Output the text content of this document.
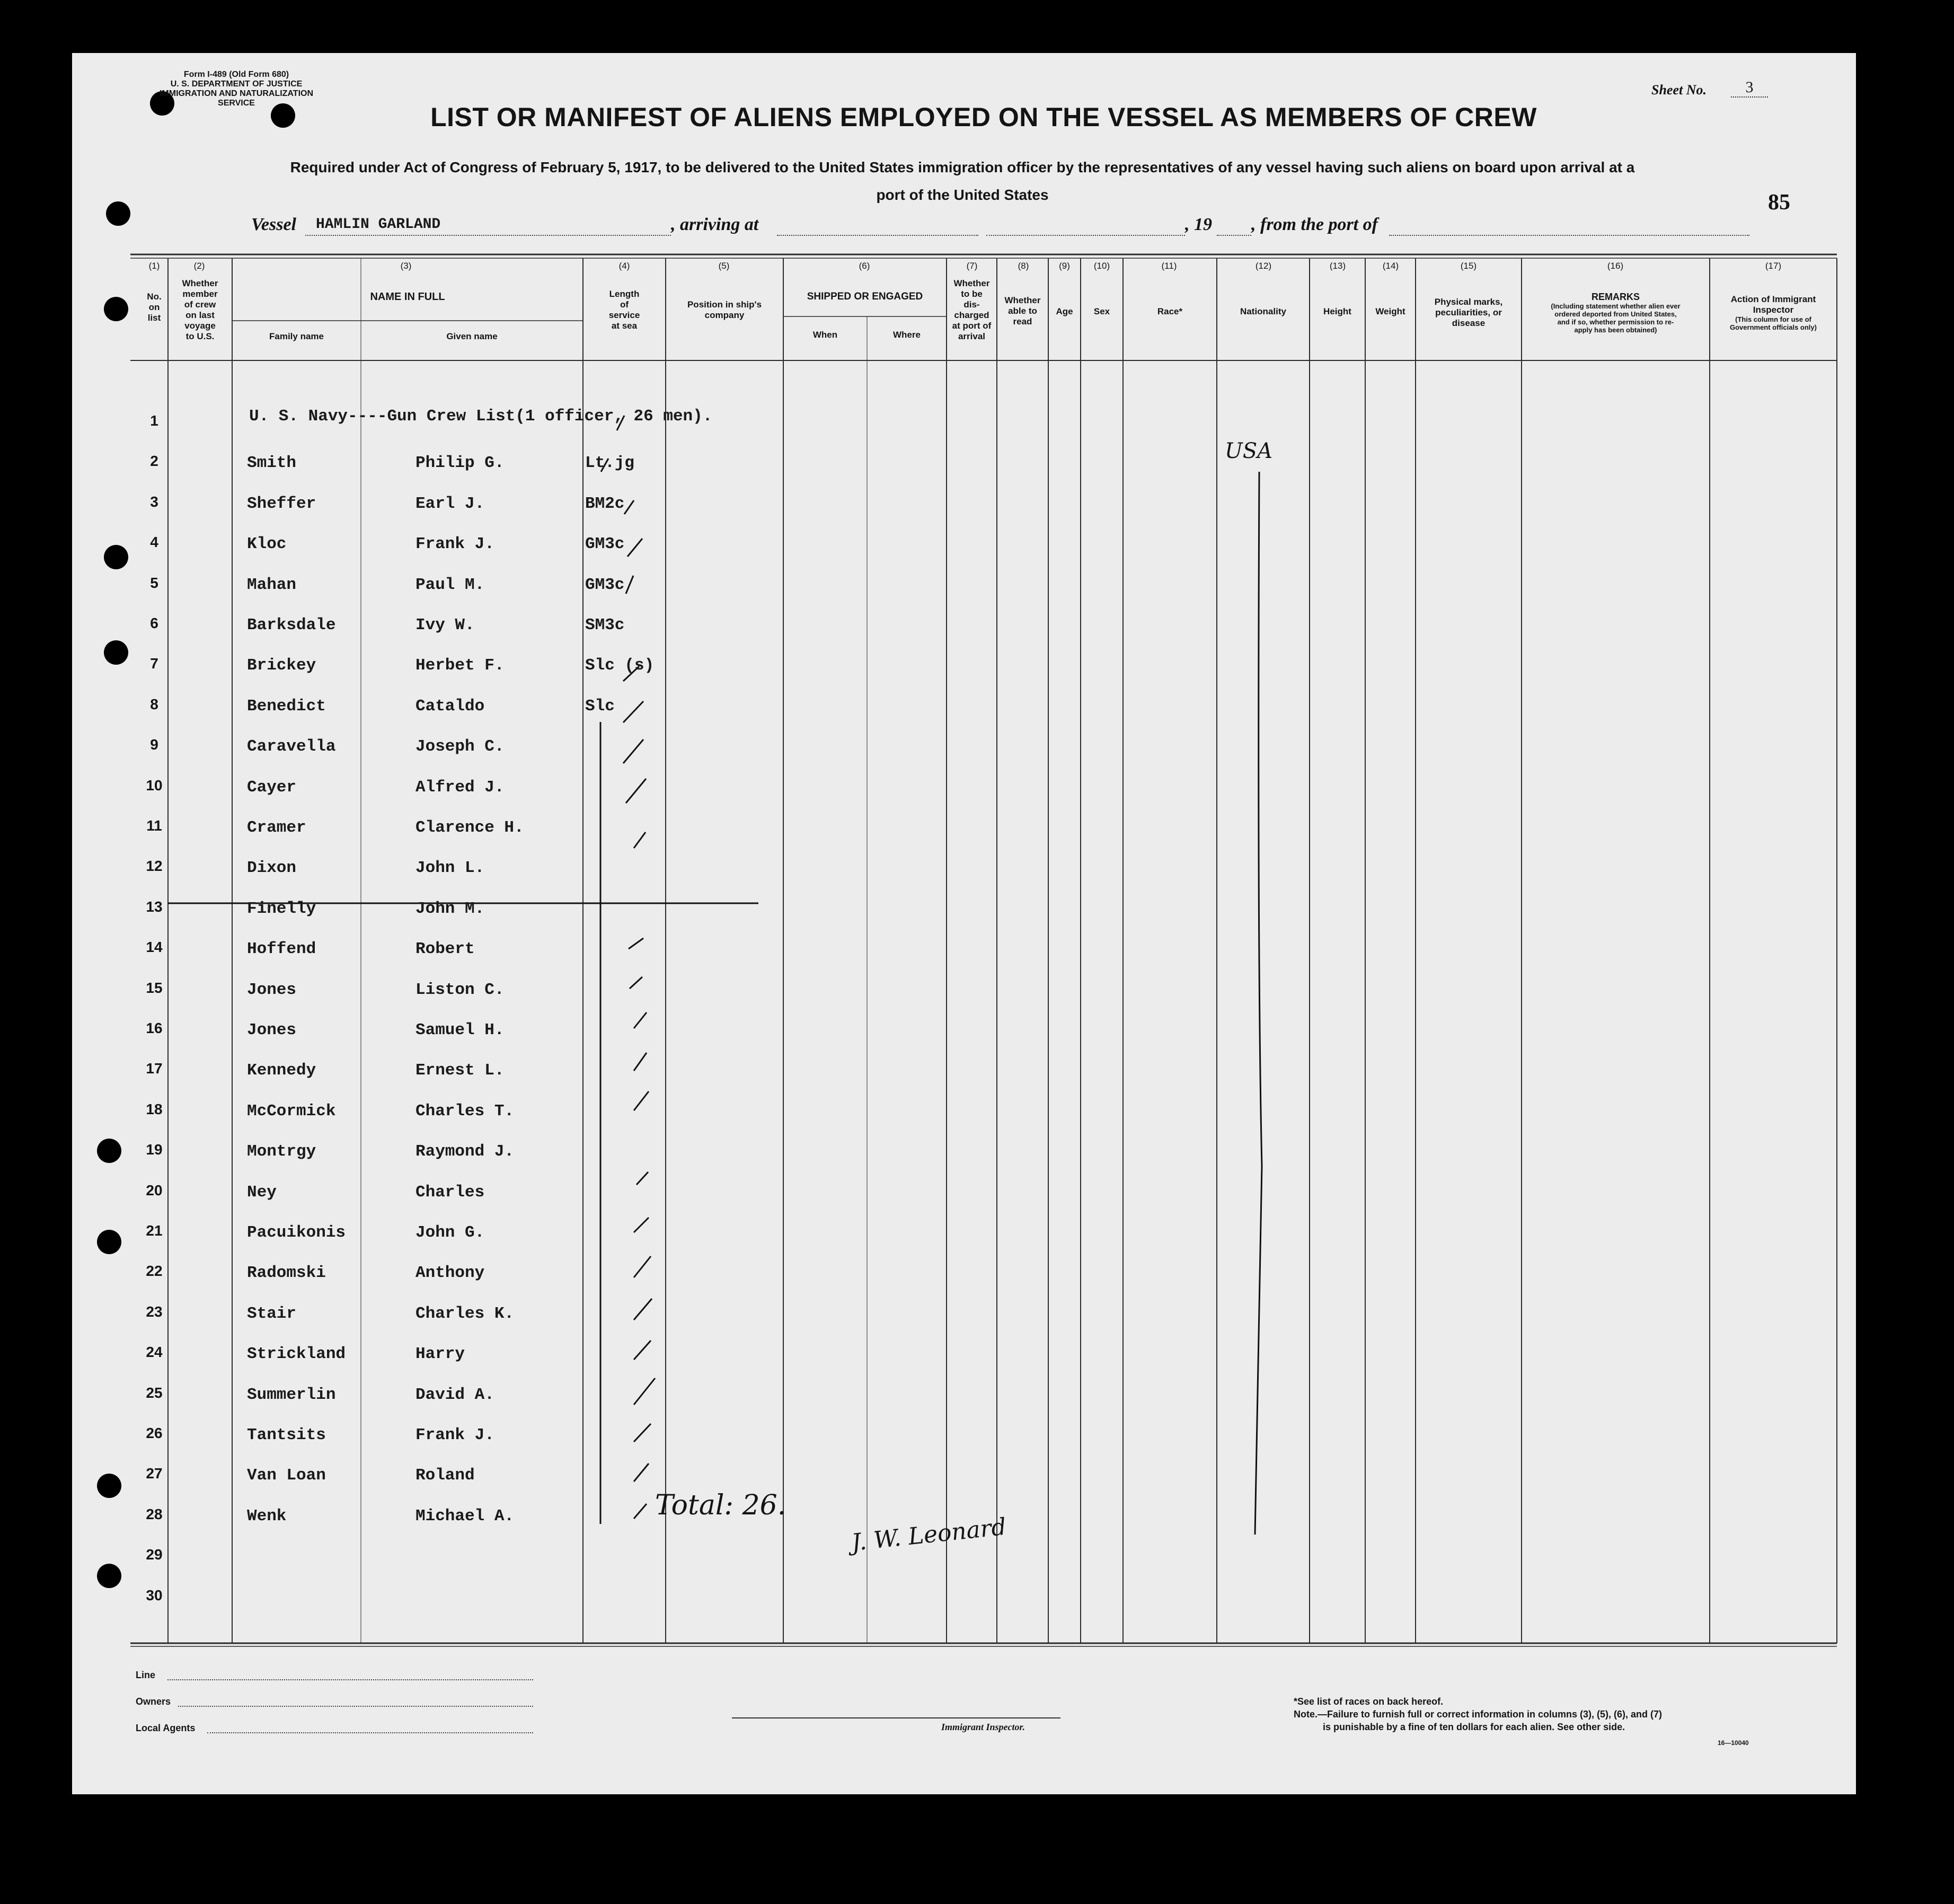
Form I-489 (Old Form 680)
U. S. DEPARTMENT OF JUSTICE
IMMIGRATION AND NATURALIZATION SERVICE
Sheet No.	3
LIST OR MANIFEST OF ALIENS EMPLOYED ON THE VESSEL AS MEMBERS OF CREW
Required under Act of Congress of February 5, 1917, to be delivered to the United States immigration officer by the representatives of any vessel having such aliens on board upon arrival at a
port of the United States	85
Vessel HAMLIN GARLAND	, arriving at	, 19 , from the port of
(1)	(2)	(3)	(4)	(5)	(6)	(7)	(8)	(9)	(10)	(11)	(12)	(13)	(14)	(15)	(16)	(17)
No.
on
list
Whether
member
of crew
on last
voyage
to U.S.
NAME IN FULL
Family name	Given name
Length
of
service
at sea
Position in ship's
company
SHIPPED OR ENGAGED
When	Where
Whether
to be
dis-
charged
at port of
arrival
Whether
able to
read
Age	Sex	Race*	Nationality	Height	Weight
Physical marks,
peculiarities, or
disease
REMARKS
(Including statement whether alien ever
ordered deported from United States,
and if so, whether permission to re-
apply has been obtained)
Action of Immigrant
Inspector
(This column for use of
Government officials only)
U. S. Navy----Gun Crew List(1 officer, 26 men).
1
2	Smith	Philip G.	Lt.jg
3	Sheffer	Earl J.	BM2c
4	Kloc	Frank J.	GM3c
5	Mahan	Paul M.	GM3c
6	Barksdale	Ivy W.	SM3c
7	Brickey	Herbet F.	Slc (s)
8	Benedict	Cataldo	Slc
9	Caravella	Joseph C.
10	Cayer	Alfred J.
11	Cramer	Clarence H.
12	Dixon	John L.
13	Finelly	John M.
14	Hoffend	Robert
15	Jones	Liston C.
16	Jones	Samuel H.
17	Kennedy	Ernest L.
18	McCormick	Charles T.
19	Montrgy	Raymond J.
20	Ney	Charles
21	Pacuikonis	John G.
22	Radomski	Anthony
23	Stair	Charles K.
24	Strickland	Harry
25	Summerlin	David A.
26	Tantsits	Frank J.
27	Van Loan	Roland
28	Wenk	Michael A.
29
30
USA
Total: 26.
J. W. Leonard
Line
Owners
Local Agents	Immigrant Inspector.
*See list of races on back hereof.
Note.—Failure to furnish full or correct information in columns (3), (5), (6), and (7)
is punishable by a fine of ten dollars for each alien. See other side.
16—10040
